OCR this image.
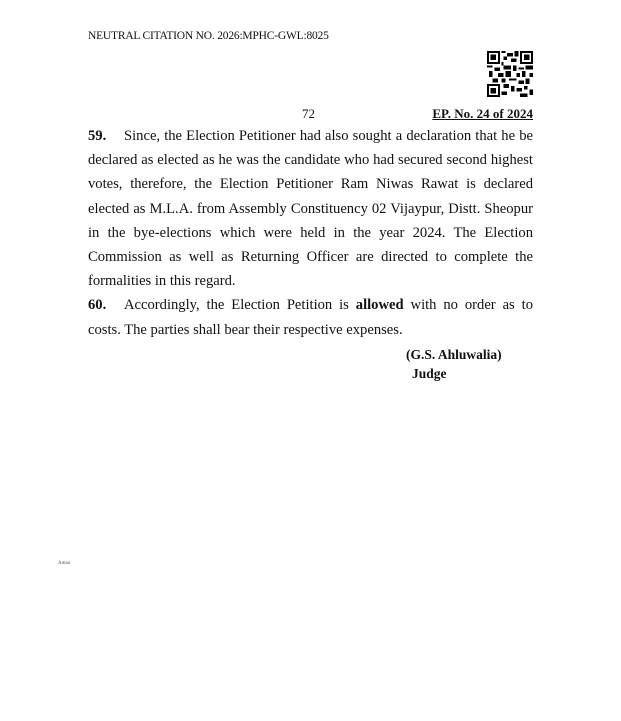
NEUTRAL CITATION NO. 2026:MPHC-GWL:8025
72	EP. No. 24 of 2024

59. Since, the Election Petitioner had also sought a declaration that he be declared as elected as he was the candidate who had secured second highest votes, therefore, the Election Petitioner Ram Niwas Rawat is declared elected as M.L.A. from Assembly Constituency 02 Vijaypur, Distt. Sheopur in the bye-elections which were held in the year 2024. The Election Commission as well as Returning Officer are directed to complete the formalities in this regard.

60. Accordingly, the Election Petition is allowed with no order as to costs. The parties shall bear their respective expenses.

(G.S. Ahluwalia)
Judge
Aman
